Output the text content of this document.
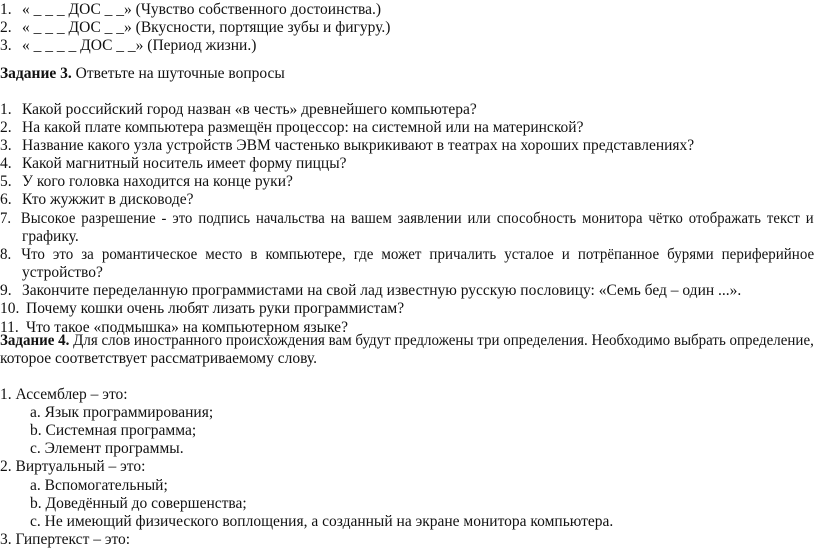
1. « _ _ _ ДОС _ _» (Чувство собственного достоинства.)
2. « _ _ _ ДОС _ _» (Вкусности, портящие зубы и фигуру.)
3. « _ _ _ _ ДОС _ _» (Период жизни.)
Задание 3. Ответьте на шуточные вопросы
1. Какой российский город назван «в честь» древнейшего компьютера?
2. На какой плате компьютера размещён процессор: на системной или на материнской?
3. Название какого узла устройств ЭВМ частенько выкрикивают в театрах на хороших представлениях?
4. Какой магнитный носитель имеет форму пиццы?
5. У кого головка находится на конце руки?
6. Кто жужжит в дисководе?
7. Высокое разрешение - это подпись начальства на вашем заявлении или способность монитора чётко отображать текст и
графику.
8. Что это за романтическое место в компьютере, где может причалить усталое и потрёпанное бурями периферийное
устройство?
9. Закончите переделанную программистами на свой лад известную русскую пословицу: «Семь бед – один ...».
10. Почему кошки очень любят лизать руки программистам?
11. Что такое «подмышка» на компьютерном языке?
Задание 4. Для слов иностранного происхождения вам будут предложены три определения. Необходимо выбрать определение,
которое соответствует рассматриваемому слову.
1. Ассемблер – это:
a. Язык программирования;
b. Системная программа;
c. Элемент программы.
2. Виртуальный – это:
a. Вспомогательный;
b. Доведённый до совершенства;
c. Не имеющий физического воплощения, а созданный на экране монитора компьютера.
3. Гипертекст – это:
